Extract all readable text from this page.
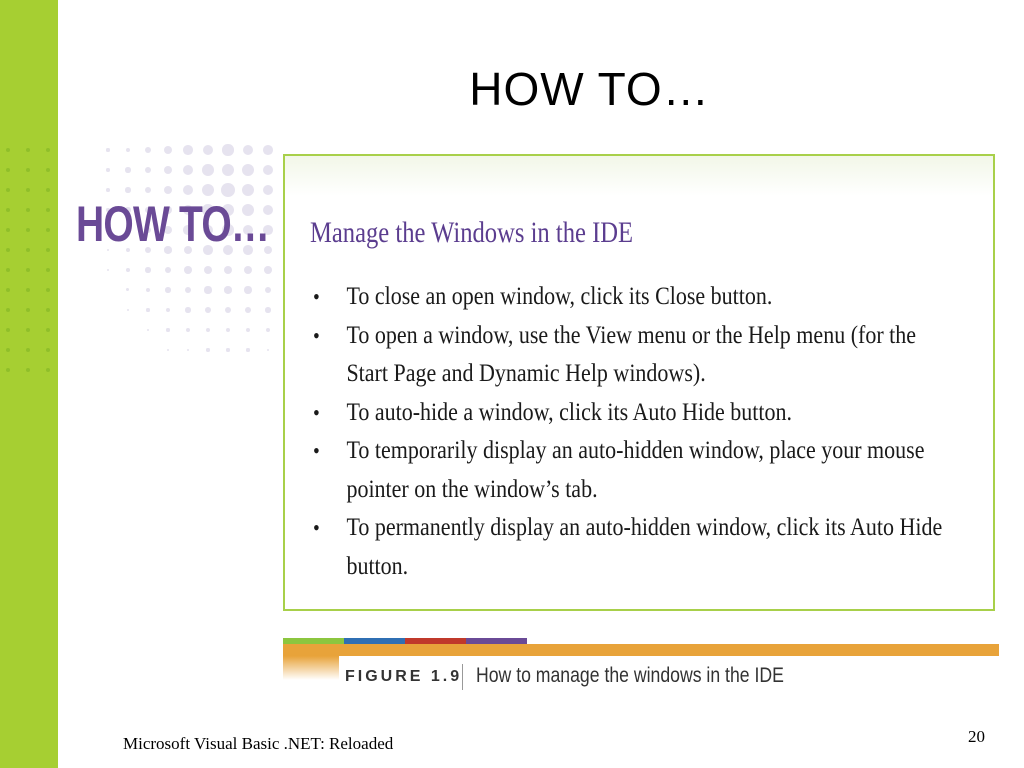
HOW TO…
HOW TO… Manage the Windows in the IDE
• To close an open window, click its Close button.
• To open a window, use the View menu or the Help menu (for the Start Page and Dynamic Help windows).
• To auto-hide a window, click its Auto Hide button.
• To temporarily display an auto-hidden window, place your mouse pointer on the window’s tab.
• To permanently display an auto-hidden window, click its Auto Hide button.
FIGURE 1.9 How to manage the windows in the IDE
Microsoft Visual Basic .NET: Reloaded	20
